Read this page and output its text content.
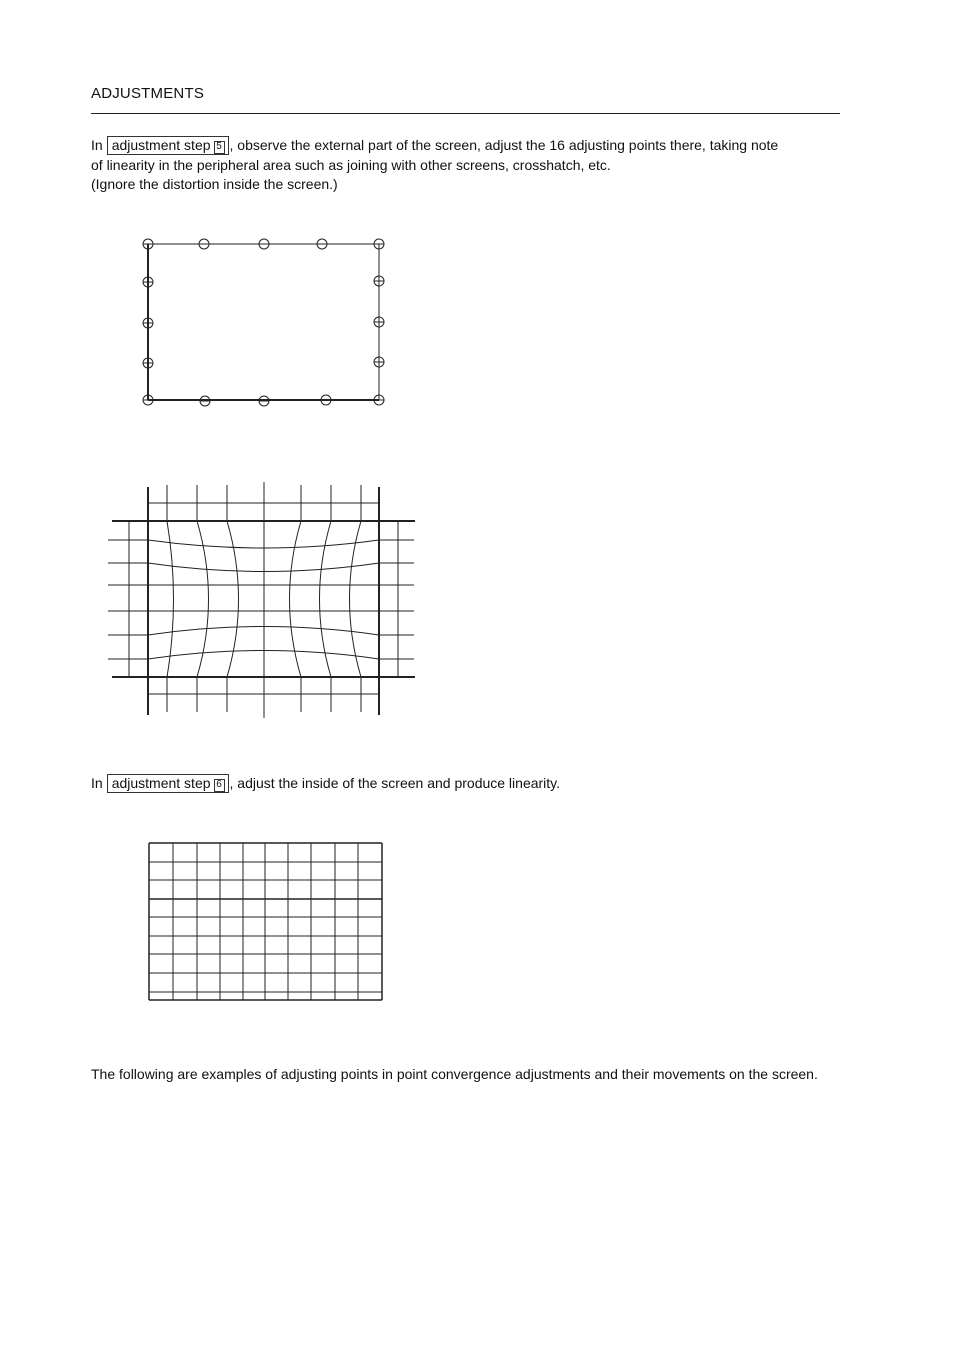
ADJUSTMENTS
In adjustment step 5 , observe the external part of the screen, adjust the 16 adjusting points there, taking note
of linearity in the peripheral area such as joining with other screens, crosshatch, etc.
(Ignore the distortion inside the screen.)
In adjustment step 6 , adjust the inside of the screen and produce linearity.
The following are examples of adjusting points in point convergence adjustments and their movements on the screen.
